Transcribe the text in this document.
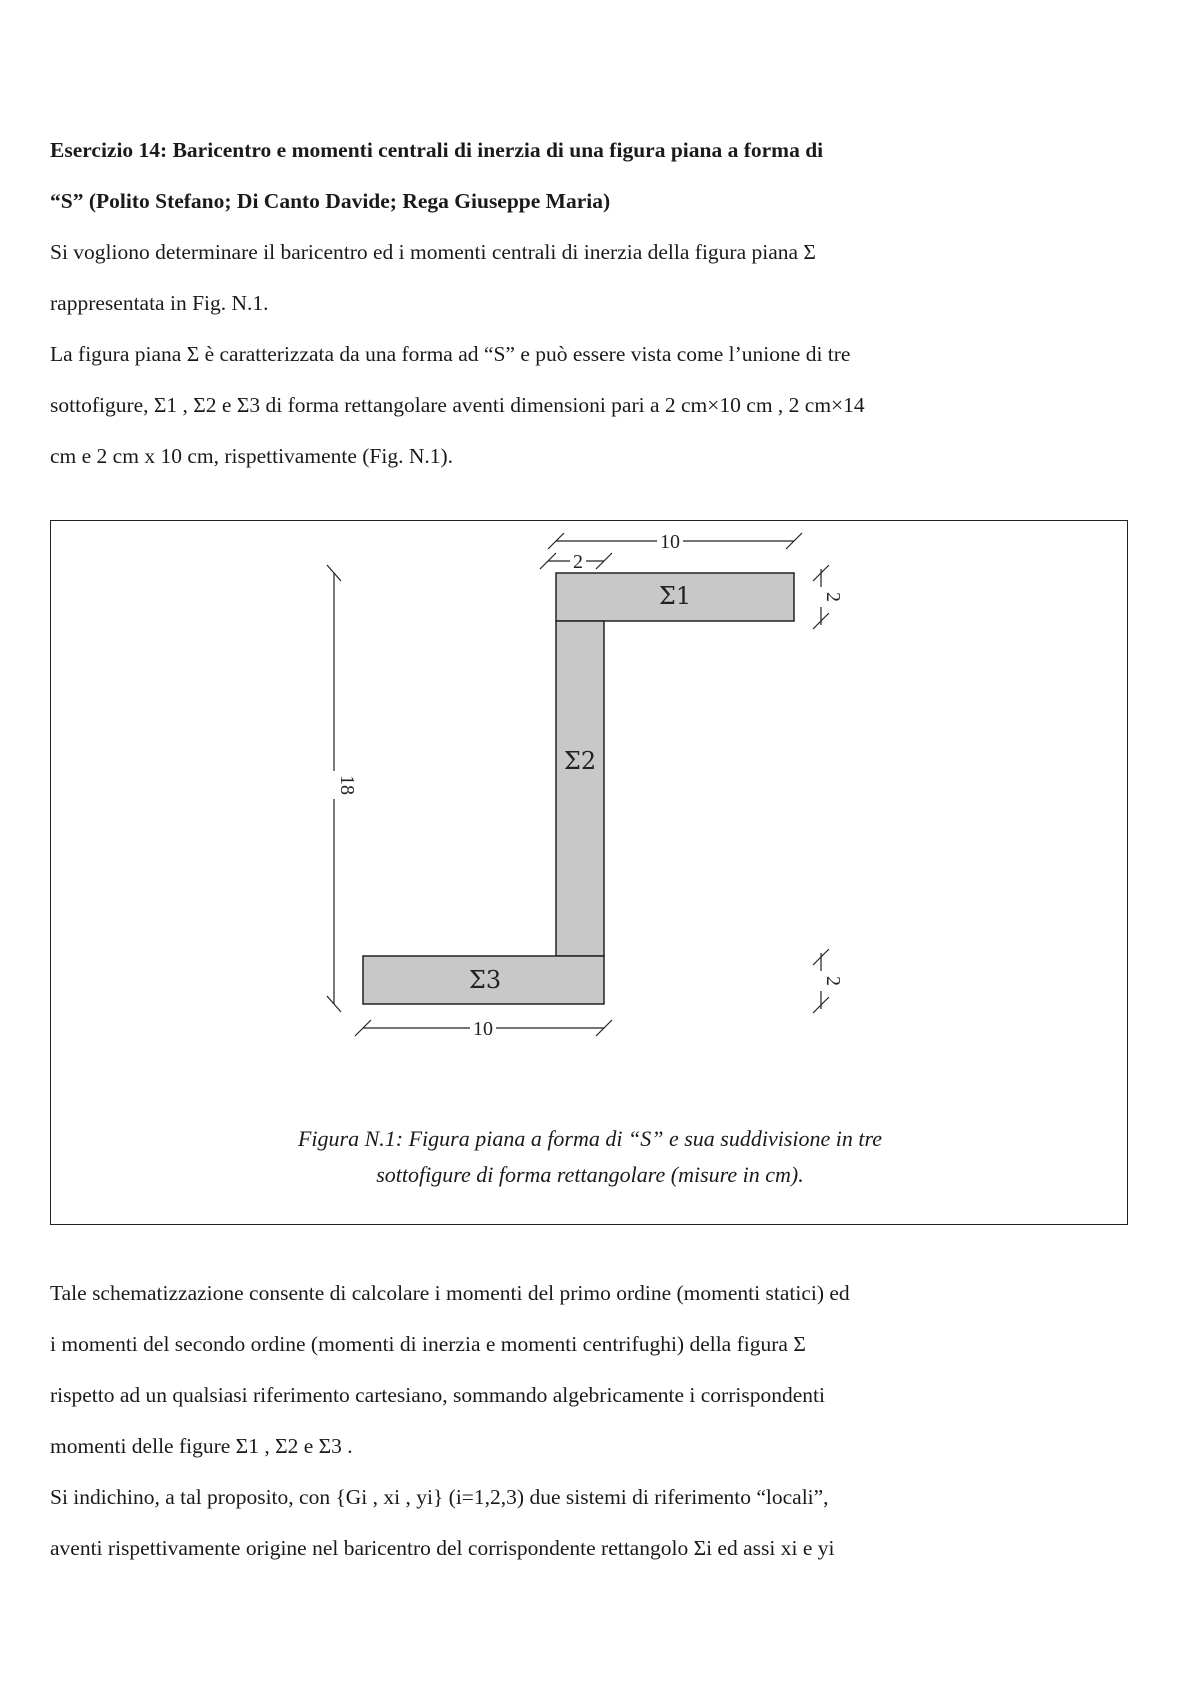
Esercizio 14: Baricentro e momenti centrali di inerzia di una figura piana a forma di

“S” (Polito Stefano; Di Canto Davide; Rega Giuseppe Maria)

Si vogliono determinare il baricentro ed i momenti centrali di inerzia della figura piana Σ

rappresentata in Fig. N.1.

La figura piana Σ è caratterizzata da una forma ad “S” e può essere vista come l’unione di tre

sottofigure, Σ1 , Σ2 e Σ3 di forma rettangolare aventi dimensioni pari a 2 cm×10 cm , 2 cm×14

cm e 2 cm x 10 cm, rispettivamente (Fig. N.1).

10
2
18
2
2
10
Σ1
Σ2
Σ3
Figura N.1: Figura piana a forma di “S” e sua suddivisione in tre
sottofigure di forma rettangolare (misure in cm).

Tale schematizzazione consente di calcolare i momenti del primo ordine (momenti statici) ed

i momenti del secondo ordine (momenti di inerzia e momenti centrifughi) della figura Σ

rispetto ad un qualsiasi riferimento cartesiano, sommando algebricamente i corrispondenti

momenti delle figure Σ1 , Σ2 e Σ3 .

Si indichino, a tal proposito, con {Gi , xi , yi} (i=1,2,3) due sistemi di riferimento “locali”,

aventi rispettivamente origine nel baricentro del corrispondente rettangolo Σi ed assi xi e yi
